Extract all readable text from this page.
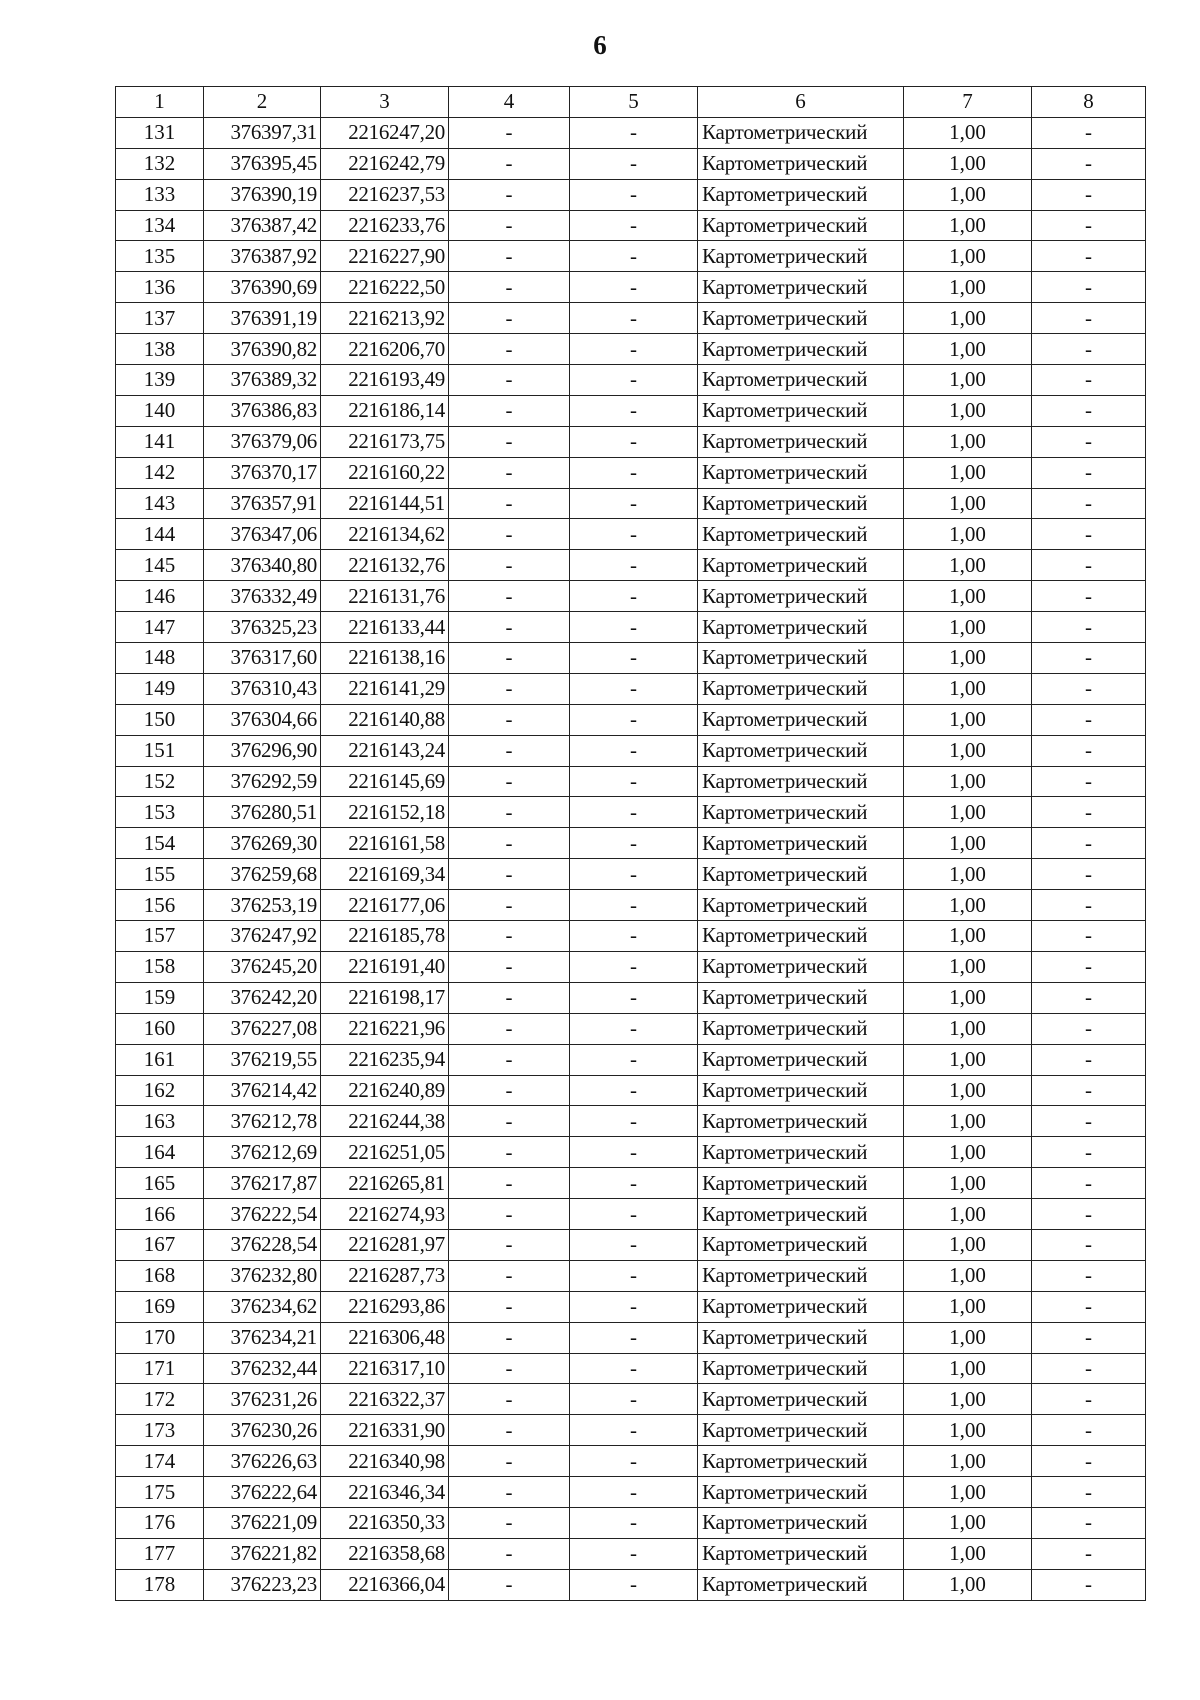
6
1	2	3	4	5	6	7	8
131	376397,31	2216247,20	-	-	Картометрический	1,00	-
132	376395,45	2216242,79	-	-	Картометрический	1,00	-
133	376390,19	2216237,53	-	-	Картометрический	1,00	-
134	376387,42	2216233,76	-	-	Картометрический	1,00	-
135	376387,92	2216227,90	-	-	Картометрический	1,00	-
136	376390,69	2216222,50	-	-	Картометрический	1,00	-
137	376391,19	2216213,92	-	-	Картометрический	1,00	-
138	376390,82	2216206,70	-	-	Картометрический	1,00	-
139	376389,32	2216193,49	-	-	Картометрический	1,00	-
140	376386,83	2216186,14	-	-	Картометрический	1,00	-
141	376379,06	2216173,75	-	-	Картометрический	1,00	-
142	376370,17	2216160,22	-	-	Картометрический	1,00	-
143	376357,91	2216144,51	-	-	Картометрический	1,00	-
144	376347,06	2216134,62	-	-	Картометрический	1,00	-
145	376340,80	2216132,76	-	-	Картометрический	1,00	-
146	376332,49	2216131,76	-	-	Картометрический	1,00	-
147	376325,23	2216133,44	-	-	Картометрический	1,00	-
148	376317,60	2216138,16	-	-	Картометрический	1,00	-
149	376310,43	2216141,29	-	-	Картометрический	1,00	-
150	376304,66	2216140,88	-	-	Картометрический	1,00	-
151	376296,90	2216143,24	-	-	Картометрический	1,00	-
152	376292,59	2216145,69	-	-	Картометрический	1,00	-
153	376280,51	2216152,18	-	-	Картометрический	1,00	-
154	376269,30	2216161,58	-	-	Картометрический	1,00	-
155	376259,68	2216169,34	-	-	Картометрический	1,00	-
156	376253,19	2216177,06	-	-	Картометрический	1,00	-
157	376247,92	2216185,78	-	-	Картометрический	1,00	-
158	376245,20	2216191,40	-	-	Картометрический	1,00	-
159	376242,20	2216198,17	-	-	Картометрический	1,00	-
160	376227,08	2216221,96	-	-	Картометрический	1,00	-
161	376219,55	2216235,94	-	-	Картометрический	1,00	-
162	376214,42	2216240,89	-	-	Картометрический	1,00	-
163	376212,78	2216244,38	-	-	Картометрический	1,00	-
164	376212,69	2216251,05	-	-	Картометрический	1,00	-
165	376217,87	2216265,81	-	-	Картометрический	1,00	-
166	376222,54	2216274,93	-	-	Картометрический	1,00	-
167	376228,54	2216281,97	-	-	Картометрический	1,00	-
168	376232,80	2216287,73	-	-	Картометрический	1,00	-
169	376234,62	2216293,86	-	-	Картометрический	1,00	-
170	376234,21	2216306,48	-	-	Картометрический	1,00	-
171	376232,44	2216317,10	-	-	Картометрический	1,00	-
172	376231,26	2216322,37	-	-	Картометрический	1,00	-
173	376230,26	2216331,90	-	-	Картометрический	1,00	-
174	376226,63	2216340,98	-	-	Картометрический	1,00	-
175	376222,64	2216346,34	-	-	Картометрический	1,00	-
176	376221,09	2216350,33	-	-	Картометрический	1,00	-
177	376221,82	2216358,68	-	-	Картометрический	1,00	-
178	376223,23	2216366,04	-	-	Картометрический	1,00	-
